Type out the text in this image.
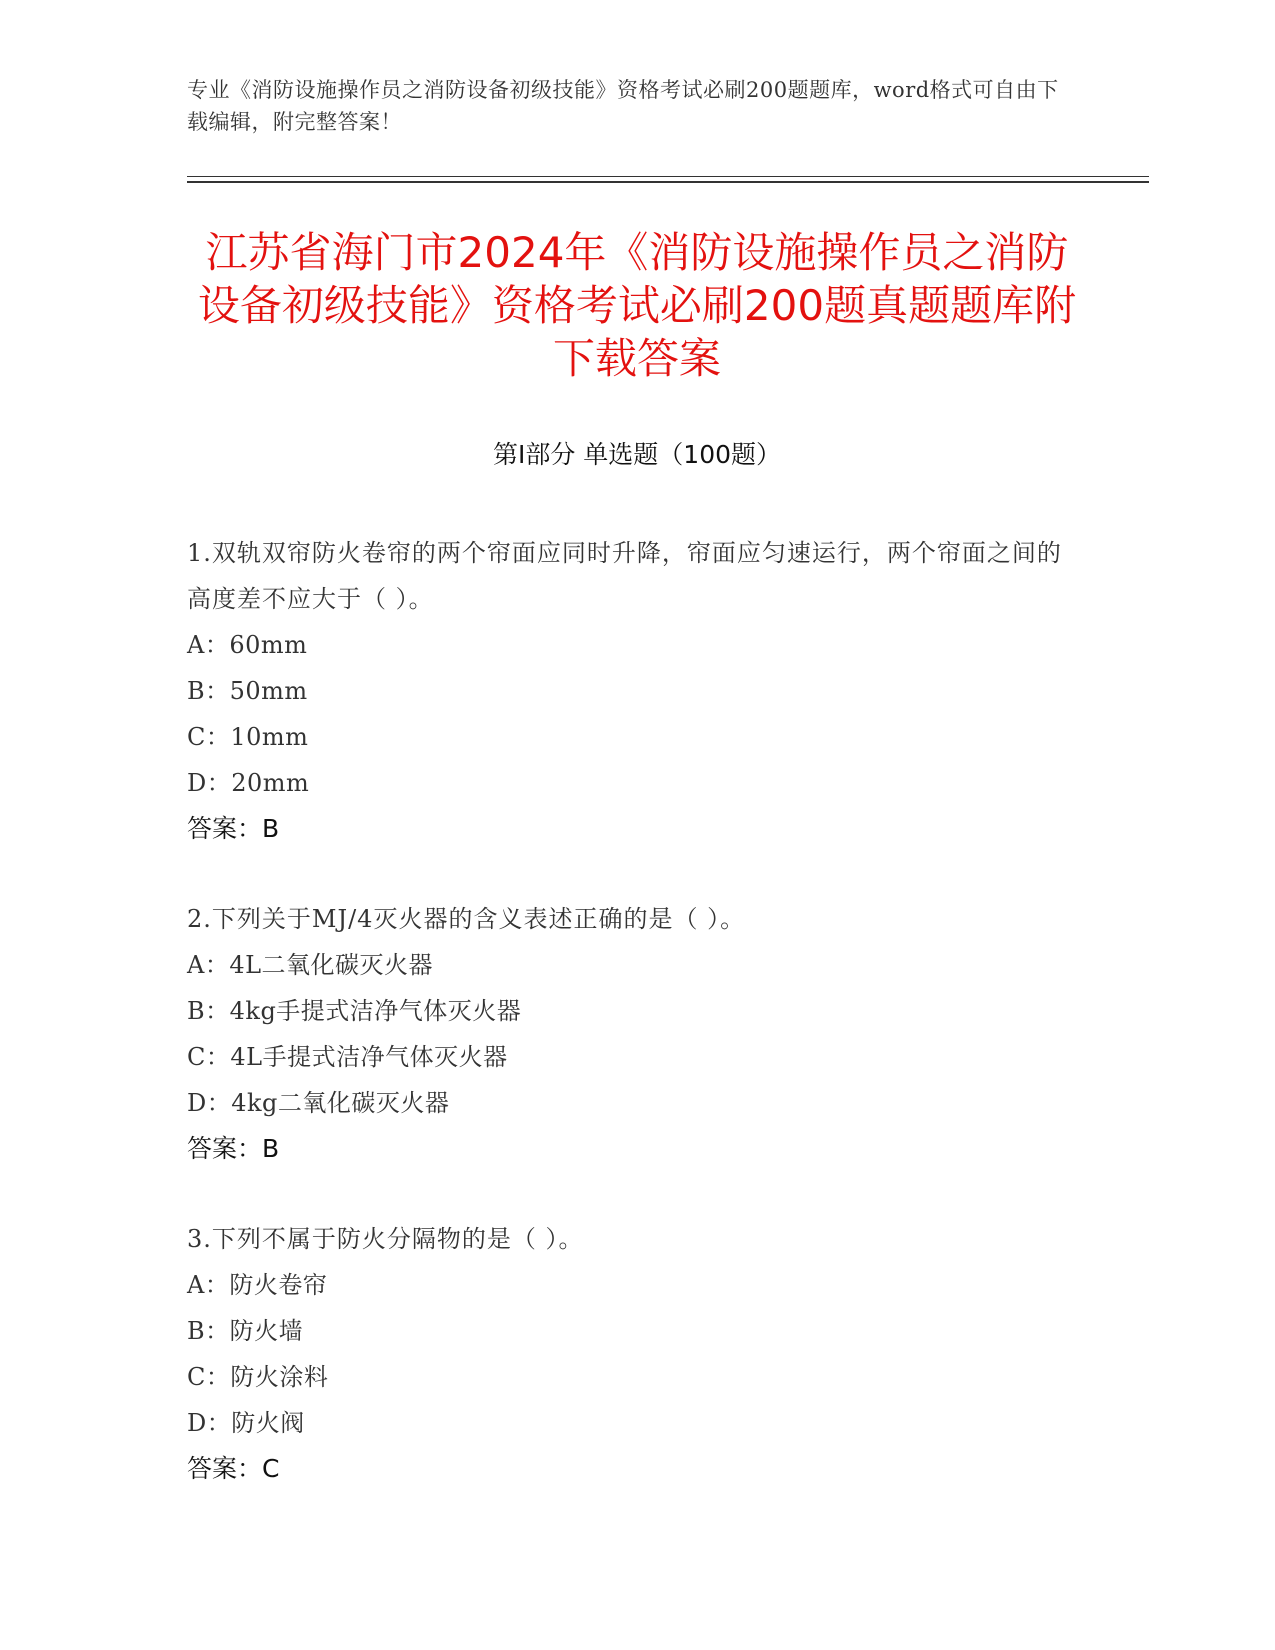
专业《消防设施操作员之消防设备初级技能》资格考试必刷200题题库，word格式可自由下载编辑，附完整答案！
江苏省海门市2024年《消防设施操作员之消防设备初级技能》资格考试必刷200题真题题库附下载答案
第I部分 单选题（100题）
1.双轨双帘防火卷帘的两个帘面应同时升降，帘面应匀速运行，两个帘面之间的高度差不应大于（ ）。
A：60mm
B：50mm
C：10mm
D：20mm
答案：B
2.下列关于MJ/4灭火器的含义表述正确的是（ ）。
A：4L二氧化碳灭火器
B：4kg手提式洁净气体灭火器
C：4L手提式洁净气体灭火器
D：4kg二氧化碳灭火器
答案：B
3.下列不属于防火分隔物的是（ ）。
A：防火卷帘
B：防火墙
C：防火涂料
D：防火阀
答案：C
